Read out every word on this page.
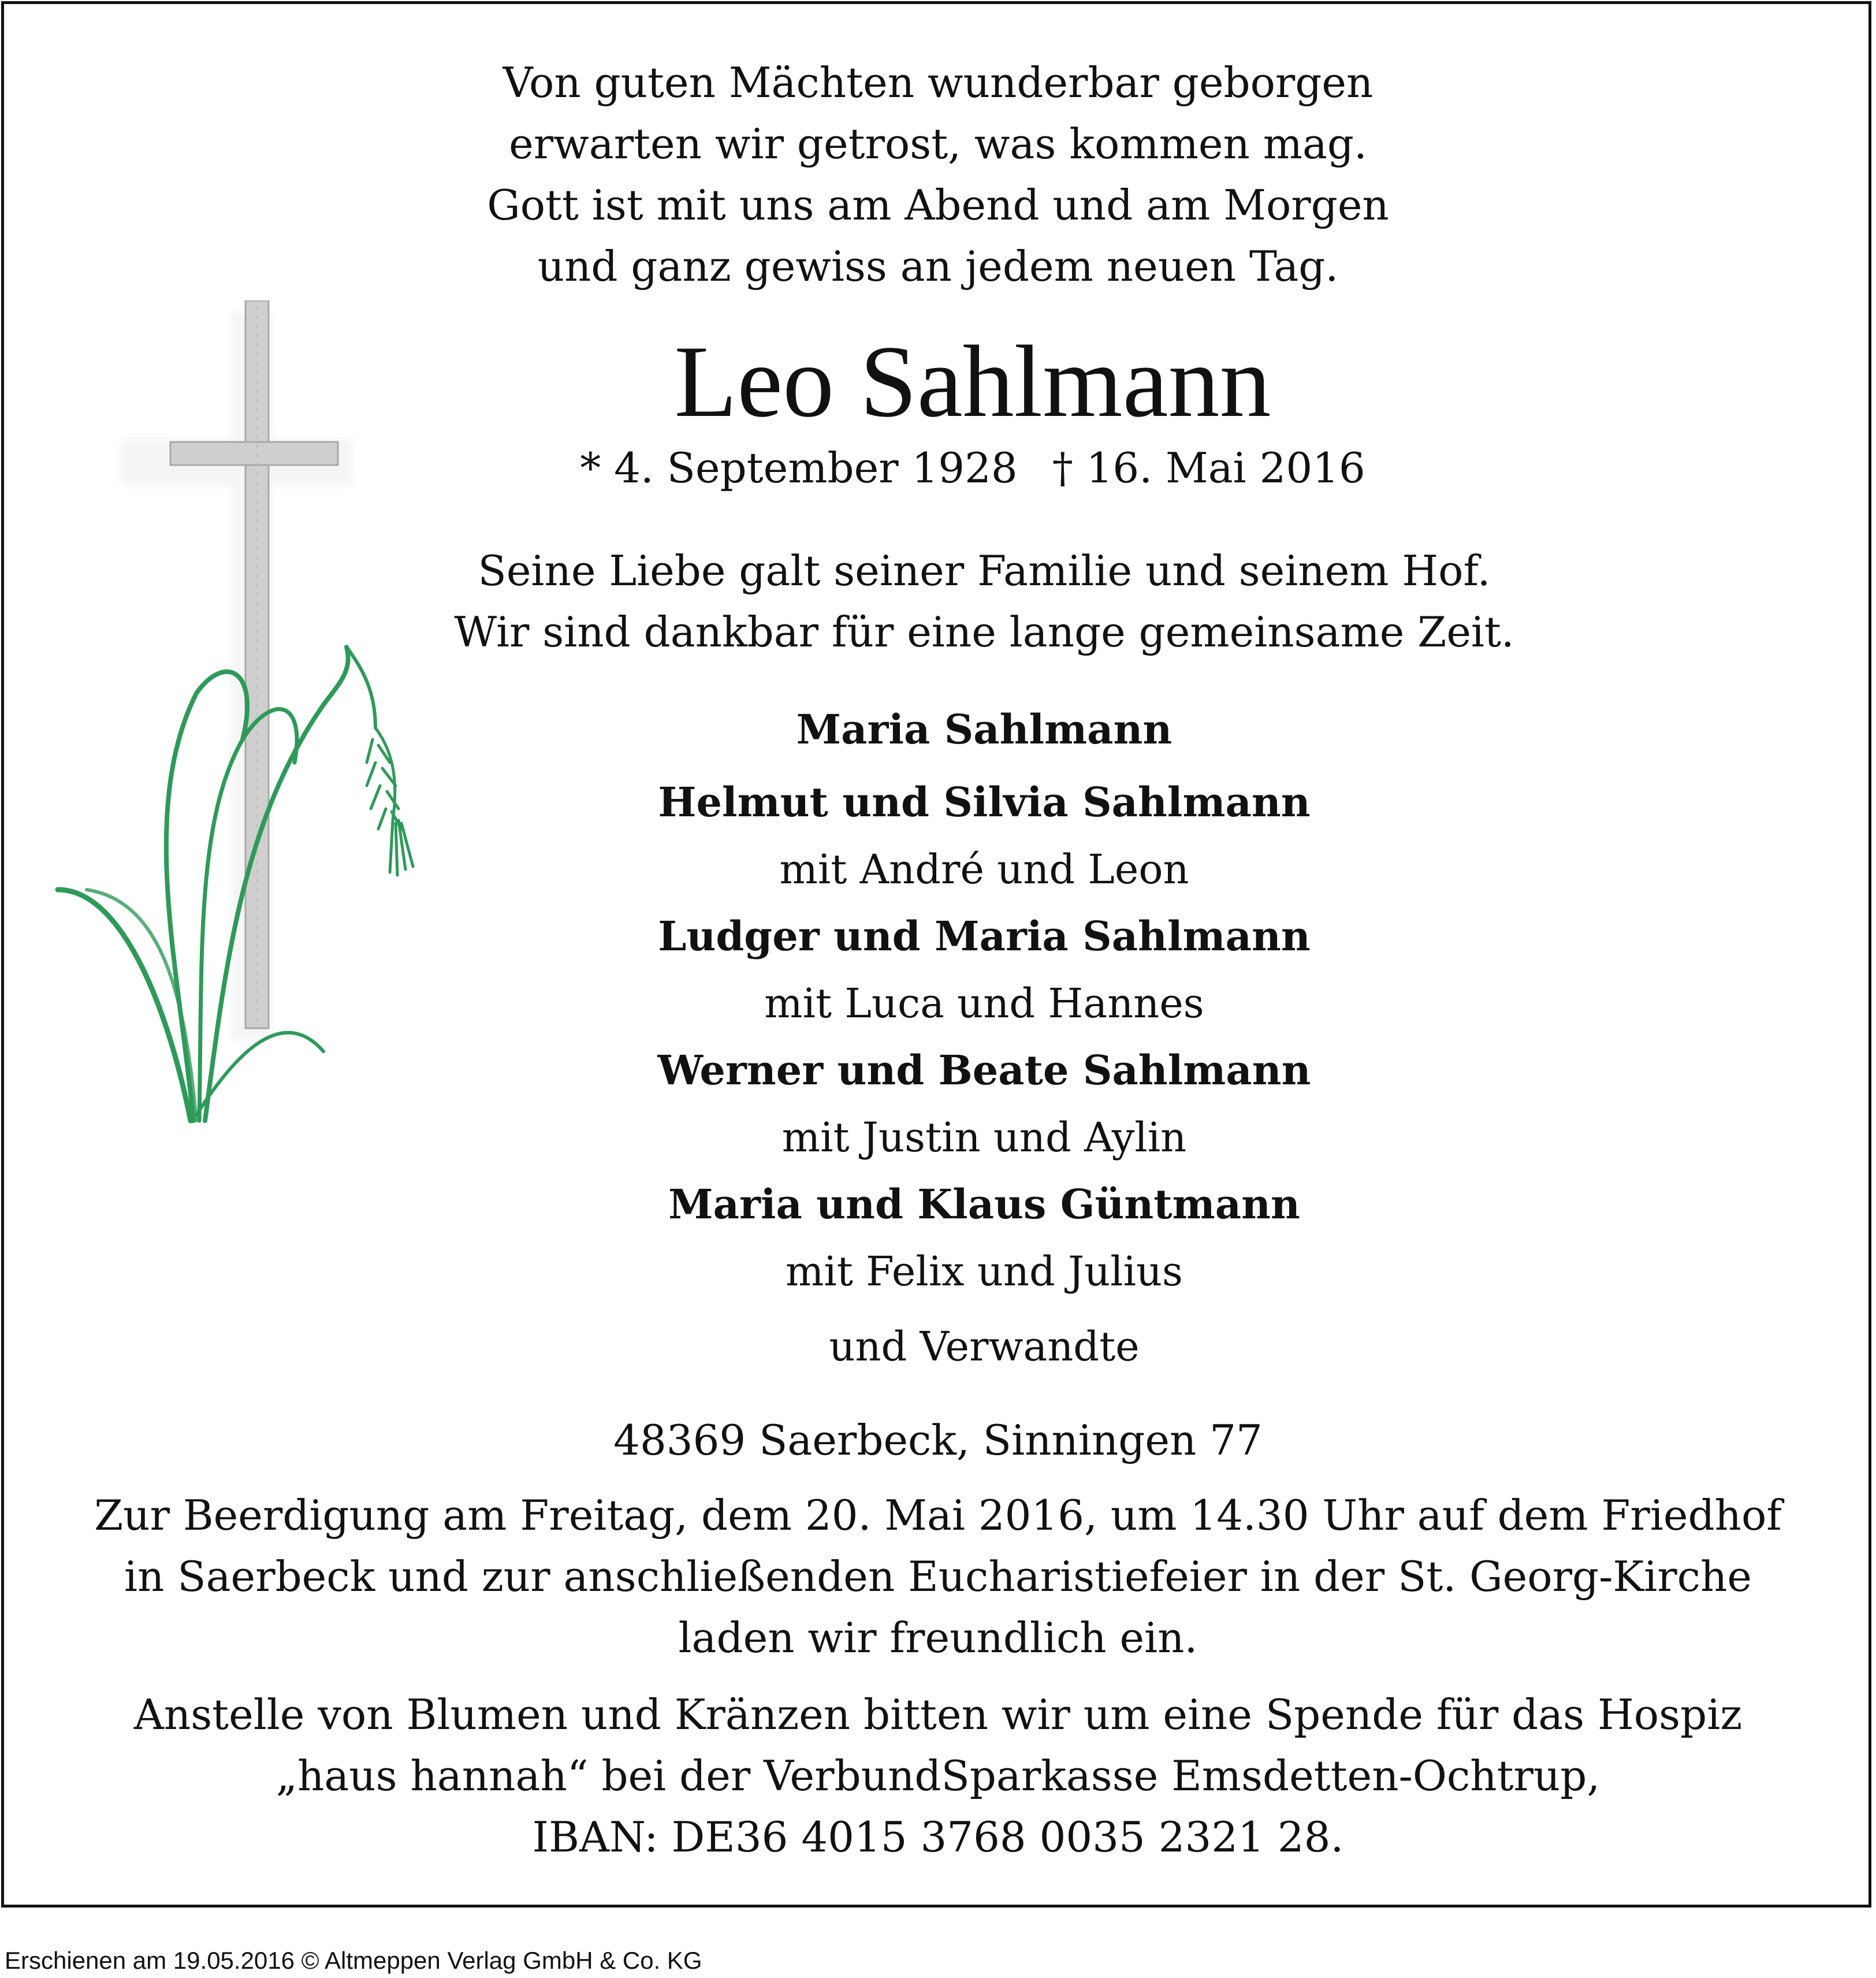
Von guten Mächten wunderbar geborgen
erwarten wir getrost, was kommen mag.
Gott ist mit uns am Abend und am Morgen
und ganz gewiss an jedem neuen Tag.
Leo Sahlmann
* 4. September 1928 † 16. Mai 2016
Seine Liebe galt seiner Familie und seinem Hof.
Wir sind dankbar für eine lange gemeinsame Zeit.
Maria Sahlmann
Helmut und Silvia Sahlmann
mit André und Leon
Ludger und Maria Sahlmann
mit Luca und Hannes
Werner und Beate Sahlmann
mit Justin und Aylin
Maria und Klaus Güntmann
mit Felix und Julius
und Verwandte
48369 Saerbeck, Sinningen 77
Zur Beerdigung am Freitag, dem 20. Mai 2016, um 14.30 Uhr auf dem Friedhof
in Saerbeck und zur anschließenden Eucharistiefeier in der St. Georg-Kirche
laden wir freundlich ein.
Anstelle von Blumen und Kränzen bitten wir um eine Spende für das Hospiz
„haus hannah“ bei der VerbundSparkasse Emsdetten-Ochtrup,
IBAN: DE36 4015 3768 0035 2321 28.
Erschienen am 19.05.2016 © Altmeppen Verlag GmbH & Co. KG
